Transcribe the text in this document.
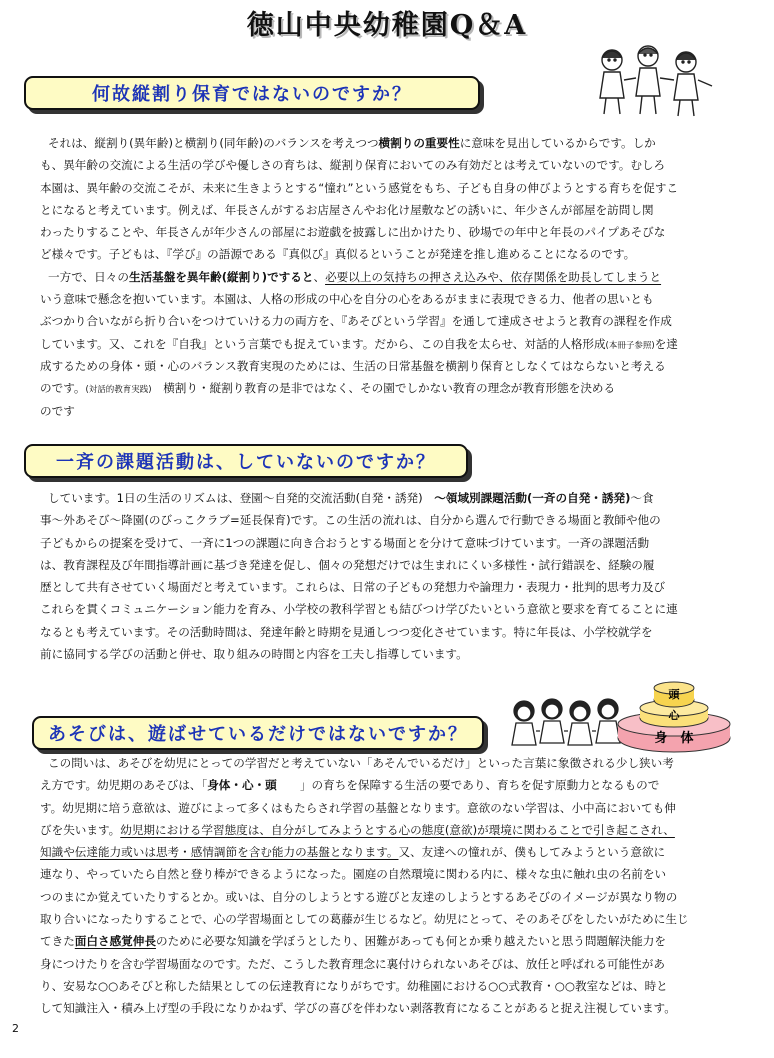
徳山中央幼稚園Q＆A
何故縦割り保育ではないのですか？
それは、縦割り(異年齢)と横割り(同年齢)のバランスを考えつつ横割りの重要性に意味を見出しているからです。しか
も、異年齢の交流による生活の学びや優しさの育ちは、縦割り保育においてのみ有効だとは考えていないのです。むしろ
本園は、異年齢の交流こそが、未来に生きようとする“憧れ”という感覚をもち、子ども自身の伸びようとする育ちを促すこ
とになると考えています。例えば、年長さんがするお店屋さんやお化け屋敷などの誘いに、年少さんが部屋を訪問し関
わったりすることや、年長さんが年少さんの部屋にお遊戯を披露しに出かけたり、砂場での年中と年長のパイプあそびな
ど様々です。子どもは、『学び』の語源である『真似び』真似るということが発達を推し進めることになるのです。
一方で、日々の生活基盤を異年齢(縦割り)ですると、必要以上の気持ちの押さえ込みや、依存関係を助長してしまうと
いう意味で懸念を抱いています。本園は、人格の形成の中心を自分の心をあるがままに表現できる力、他者の思いとも
ぶつかり合いながら折り合いをつけていける力の両方を、『あそびという学習』を通して達成させようと教育の課程を作成
しています。又、これを『自我』という言葉でも捉えています。だから、この自我を太らせ、対話的人格形成(本冊子参照)を達
成するための身体・頭・心のバランス教育実現のためには、生活の日常基盤を横割り保育としなくてはならないと考える
のです。(対話的教育実践)　横割り・縦割り教育の是非ではなく、その園でしかない教育の理念が教育形態を決める
のです
一斉の課題活動は、していないのですか？
しています。1日の生活のリズムは、登園～自発的交流活動(自発・誘発)　～領域別課題活動(一斉の自発・誘発)～食
事～外あそび～降園(のびっこクラブ=延長保育)です。この生活の流れは、自分から選んで行動できる場面と教師や他の
子どもからの提案を受けて、一斉に1つの課題に向き合おうとする場面とを分けて意味づけています。一斉の課題活動
は、教育課程及び年間指導計画に基づき発達を促し、個々の発想だけでは生まれにくい多様性・試行錯誤を、経験の履
歴として共有させていく場面だと考えています。これらは、日常の子どもの発想力や論理力・表現力・批判的思考力及び
これらを貫くコミュニケーション能力を育み、小学校の教科学習とも結びつけ学びたいという意欲と要求を育てることに連
なるとも考えています。その活動時間は、発達年齢と時期を見通しつつ変化させています。特に年長は、小学校就学を
前に協同する学びの活動と併せ、取り組みの時間と内容を工夫し指導しています。
頭
心
身　体
あそびは、遊ばせているだけではないですか？
この問いは、あそびを幼児にとっての学習だと考えていない「あそんでいるだけ」といった言葉に象徴される少し狭い考
え方です。幼児期のあそびは、「身体・心・頭　　」の育ちを保障する生活の要であり、育ちを促す原動力となるもので
す。幼児期に培う意欲は、遊びによって多くはもたらされ学習の基盤となります。意欲のない学習は、小中高においても伸
びを失います。幼児期における学習態度は、自分がしてみようとする心の態度(意欲)が環境に関わることで引き起こされ、
知識や伝達能力或いは思考・感情調節を含む能力の基盤となります。又、友達への憧れが、僕もしてみようという意欲に
連なり、やっていたら自然と登り棒ができるようになった。園庭の自然環境に関わる内に、様々な虫に触れ虫の名前をい
つのまにか覚えていたりするとか。或いは、自分のしようとする遊びと友達のしようとするあそびのイメージが異なり物の
取り合いになったりすることで、心の学習場面としての葛藤が生じるなど。幼児にとって、そのあそびをしたいがために生じ
てきた面白さ感覚伸長のために必要な知識を学ぼうとしたり、困難があっても何とか乗り越えたいと思う問題解決能力を
身につけたりを含む学習場面なのです。ただ、こうした教育理念に裏付けられないあそびは、放任と呼ばれる可能性があ
り、安易な○○あそびと称した結果としての伝達教育になりがちです。幼稚園における○○式教育・○○教室などは、時と
して知識注入・積み上げ型の手段になりかねず、学びの喜びを伴わない剥落教育になることがあると捉え注視しています。
2
